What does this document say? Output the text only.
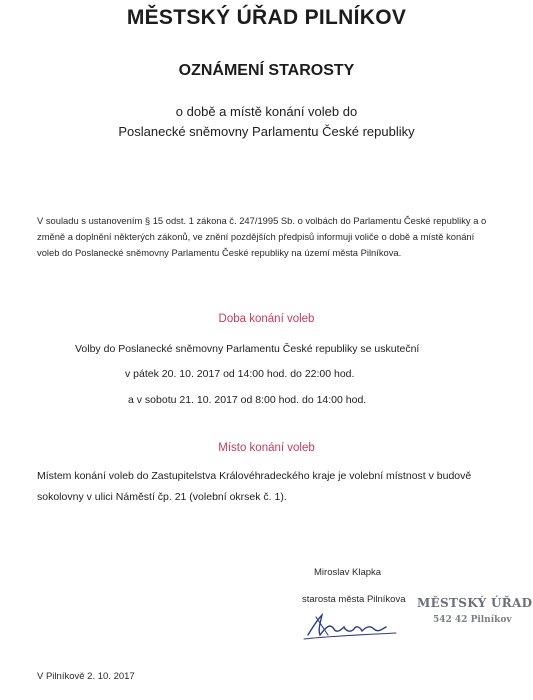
MĚSTSKÝ ÚŘAD PILNÍKOV
OZNÁMENÍ STAROSTY
o době a místě konání voleb do
Poslanecké sněmovny Parlamentu České republiky
V souladu s ustanovením § 15 odst. 1 zákona č. 247/1995 Sb. o volbách do Parlamentu České republiky a o změně a doplnění některých zákonů, ve znění pozdějších předpisů informuji voliče o době a místě konání voleb do Poslanecké sněmovny Parlamentu České republiky na území města Pilníkova.
Doba konání voleb
Volby do Poslanecké sněmovny Parlamentu České republiky se uskuteční
v pátek 20. 10. 2017 od 14:00 hod. do 22:00 hod.
a v sobotu 21. 10. 2017 od 8:00 hod. do 14:00 hod.
Místo konání voleb
Místem konání voleb do Zastupitelstva Královéhradeckého kraje je volební místnost v budově sokolovny v ulici Náměstí čp. 21 (volební okrsek č. 1).
Miroslav Klapka
starosta města Pilníkova MĚSTSKÝ ÚŘAD
542 42 Pilníkov
V Pilníkově 2. 10. 2017
